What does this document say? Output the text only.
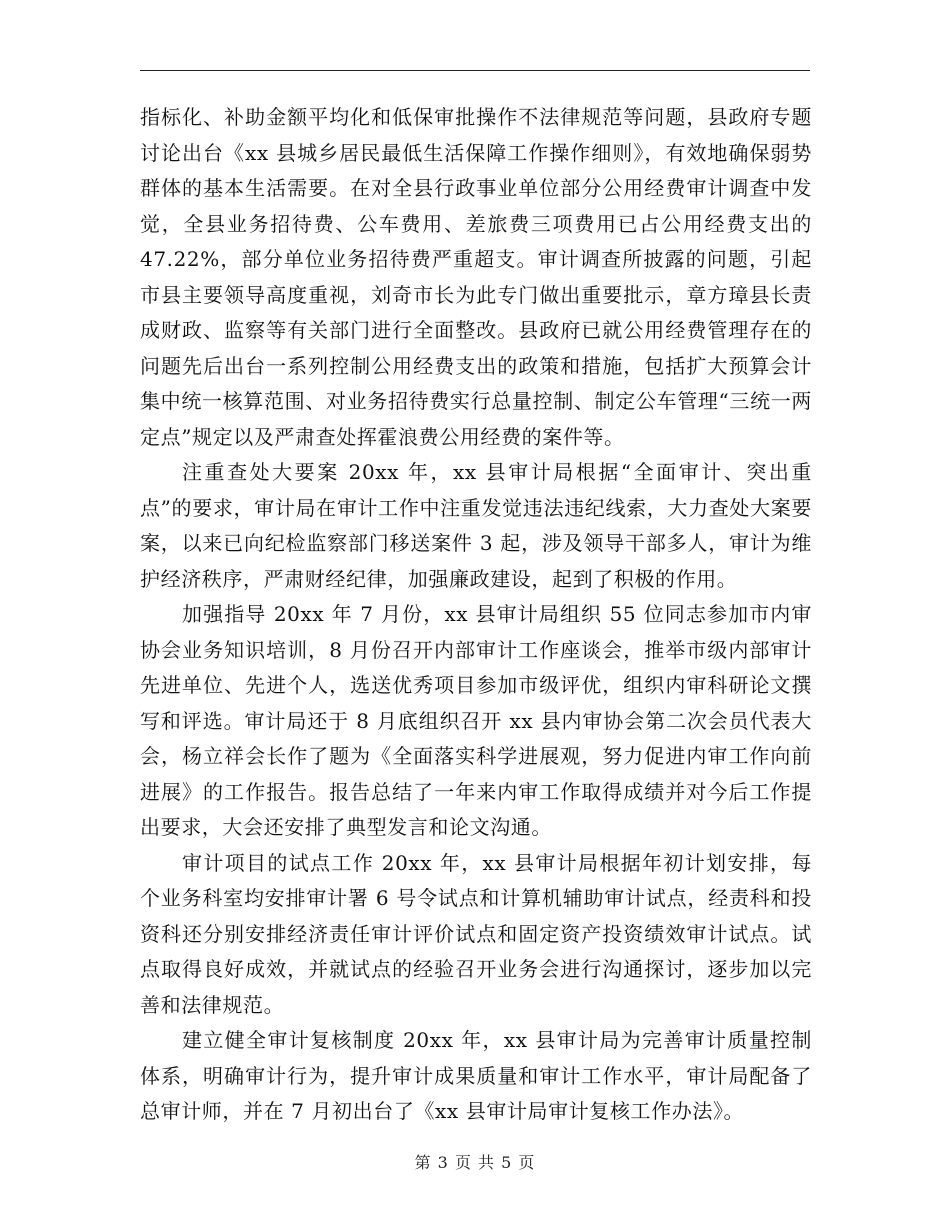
指标化、补助金额平均化和低保审批操作不法律规范等问题，县政府专题讨论出台《xx 县城乡居民最低生活保障工作操作细则》，有效地确保弱势群体的基本生活需要。在对全县行政事业单位部分公用经费审计调查中发觉，全县业务招待费、公车费用、差旅费三项费用已占公用经费支出的 47.22%，部分单位业务招待费严重超支。审计调查所披露的问题，引起市县主要领导高度重视，刘奇市长为此专门做出重要批示，章方璋县长责成财政、监察等有关部门进行全面整改。县政府已就公用经费管理存在的问题先后出台一系列控制公用经费支出的政策和措施，包括扩大预算会计集中统一核算范围、对业务招待费实行总量控制、制定公车管理“三统一两定点”规定以及严肃查处挥霍浪费公用经费的案件等。

注重查处大要案 20xx 年，xx 县审计局根据“全面审计、突出重点”的要求，审计局在审计工作中注重发觉违法违纪线索，大力查处大案要案，以来已向纪检监察部门移送案件 3 起，涉及领导干部多人，审计为维护经济秩序，严肃财经纪律，加强廉政建设，起到了积极的作用。

加强指导 20xx 年 7 月份，xx 县审计局组织 55 位同志参加市内审协会业务知识培训，8 月份召开内部审计工作座谈会，推举市级内部审计先进单位、先进个人，选送优秀项目参加市级评优，组织内审科研论文撰写和评选。审计局还于 8 月底组织召开 xx 县内审协会第二次会员代表大会，杨立祥会长作了题为《全面落实科学进展观，努力促进内审工作向前进展》的工作报告。报告总结了一年来内审工作取得成绩并对今后工作提出要求，大会还安排了典型发言和论文沟通。

审计项目的试点工作 20xx 年，xx 县审计局根据年初计划安排，每个业务科室均安排审计署 6 号令试点和计算机辅助审计试点，经责科和投资科还分别安排经济责任审计评价试点和固定资产投资绩效审计试点。试点取得良好成效，并就试点的经验召开业务会进行沟通探讨，逐步加以完善和法律规范。

建立健全审计复核制度 20xx 年，xx 县审计局为完善审计质量控制体系，明确审计行为，提升审计成果质量和审计工作水平，审计局配备了总审计师，并在 7 月初出台了《xx 县审计局审计复核工作办法》。

第 3 页 共 5 页
